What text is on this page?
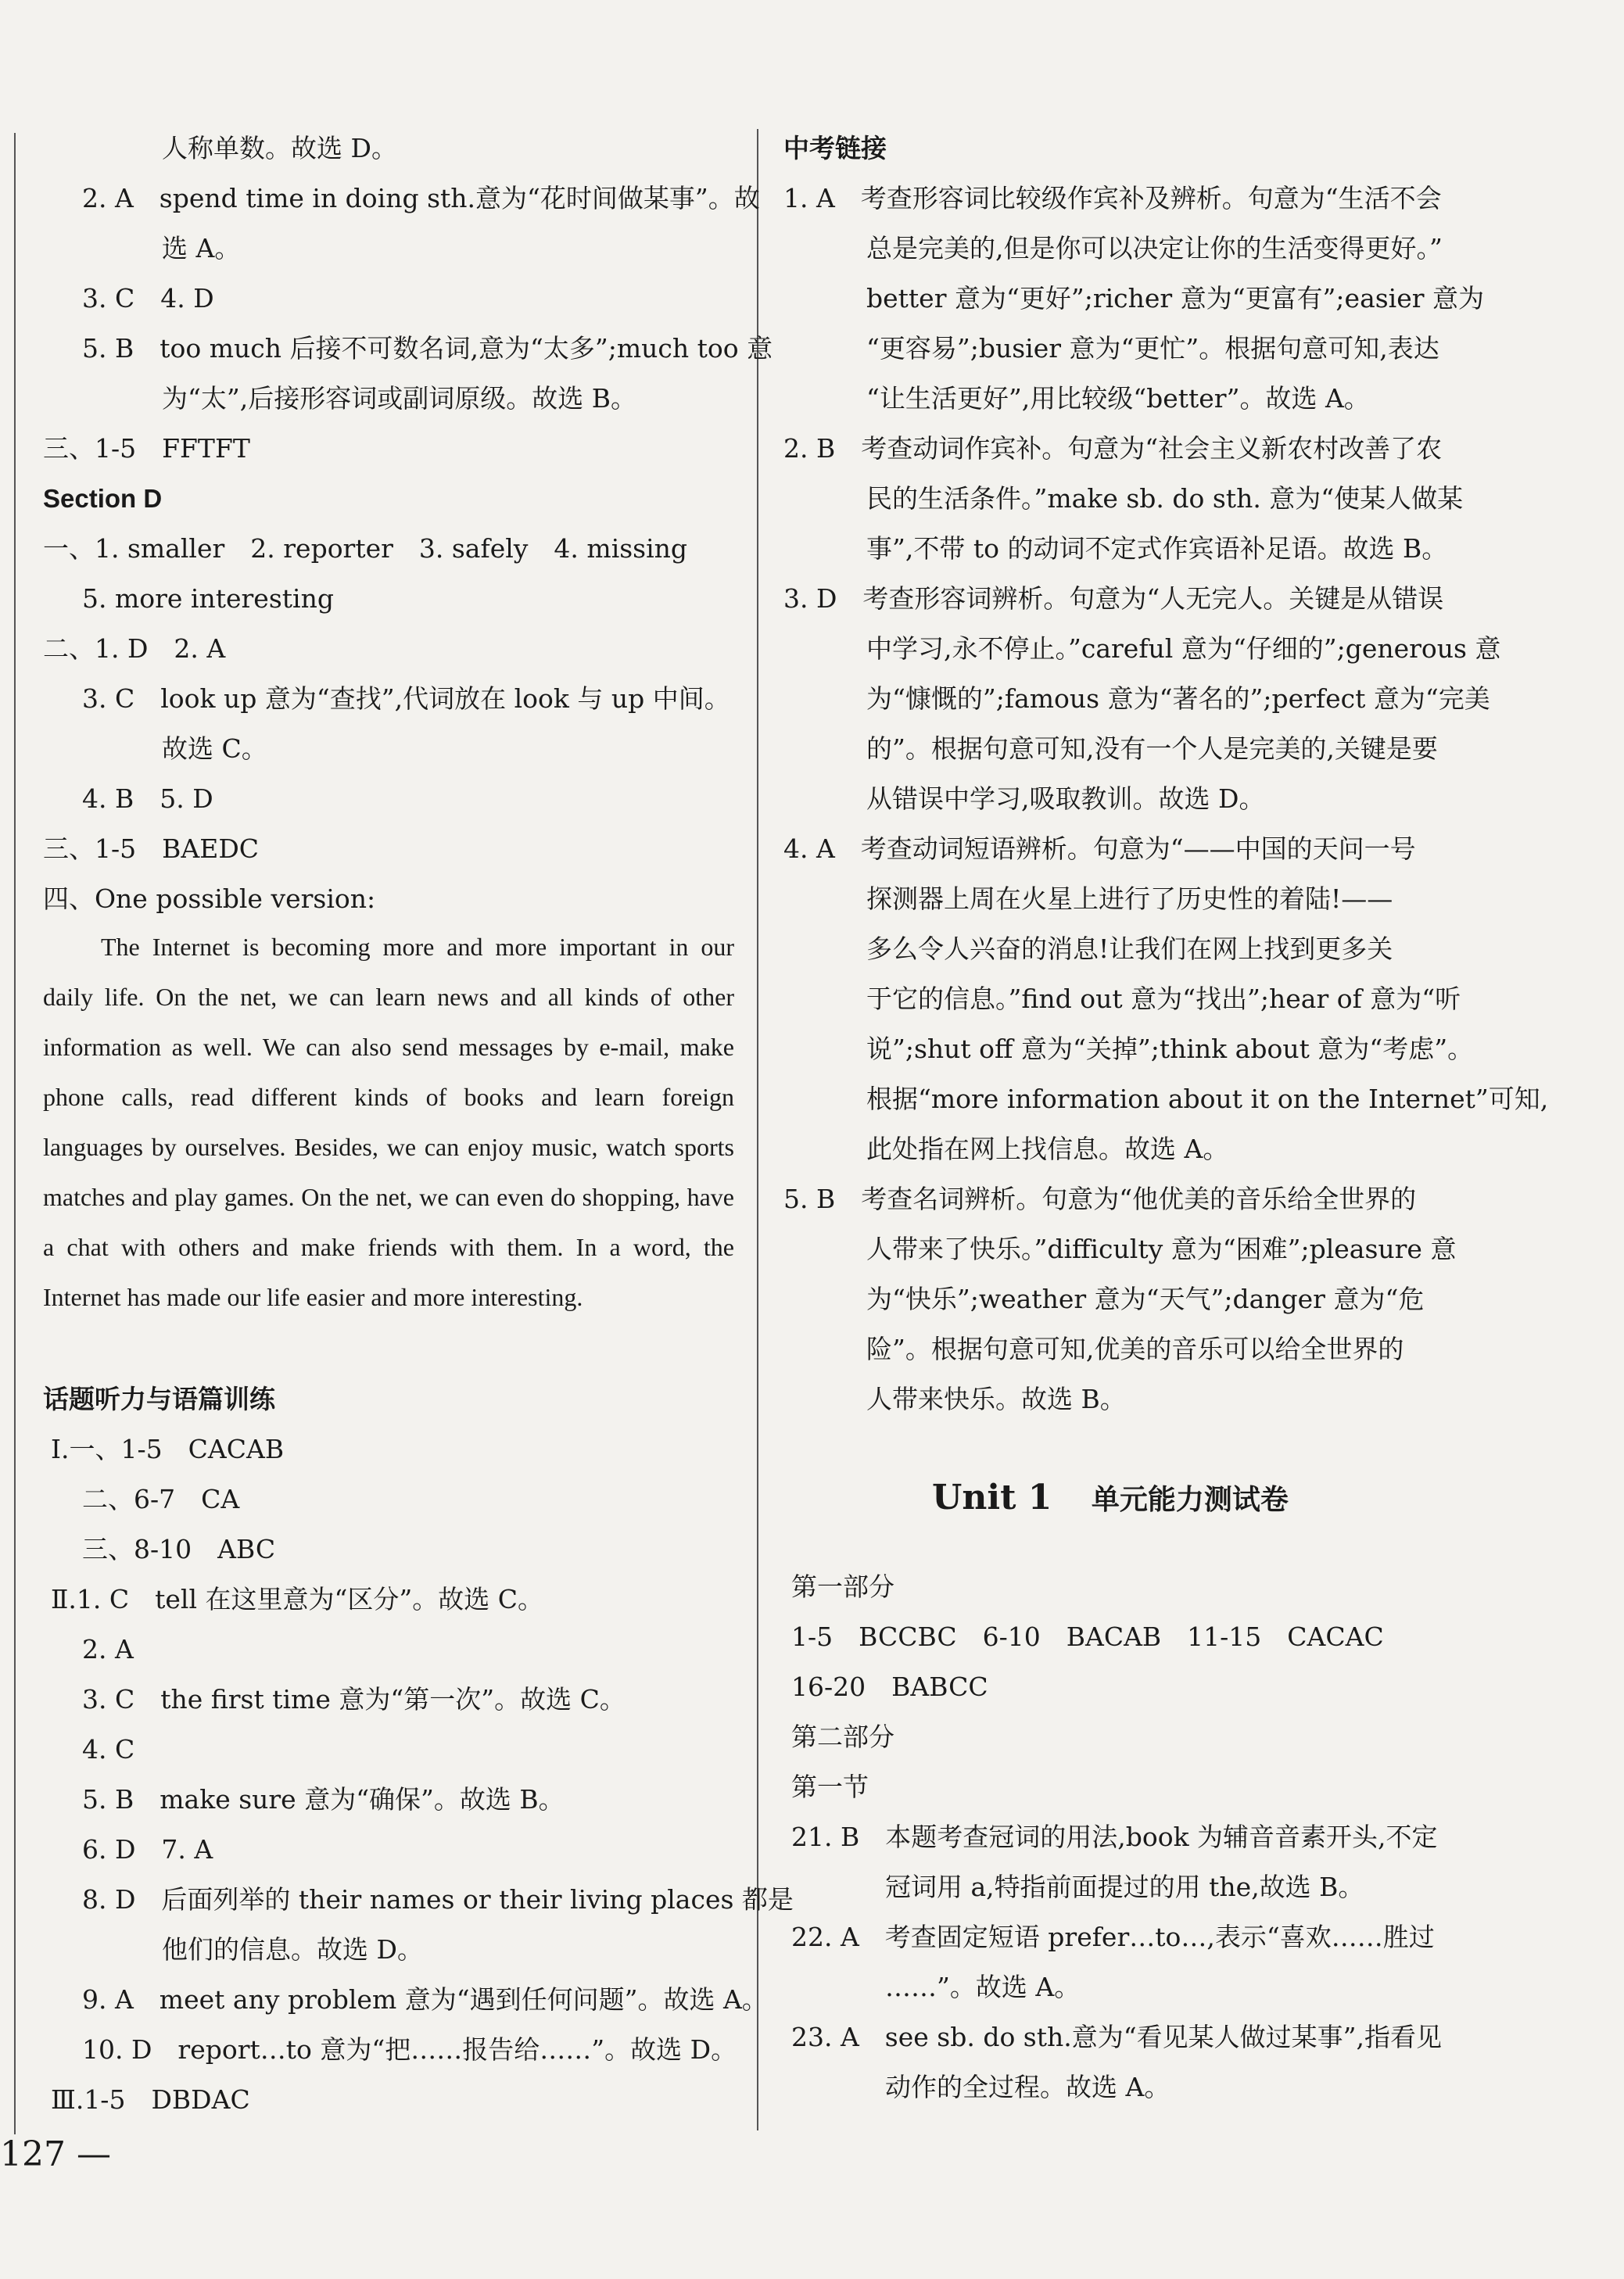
人称单数。故选 D。
2. A　spend time in doing sth.意为“花时间做某事”。故
选 A。
3. C　4. D
5. B　too much 后接不可数名词,意为“太多”;much too 意
为“太”,后接形容词或副词原级。故选 B。
三、1-5　FFTFT
Section D
一、1. smaller　2. reporter　3. safely　4. missing
5. more interesting
二、1. D　2. A
3. C　look up 意为“查找”,代词放在 look 与 up 中间。
故选 C。
4. B　5. D
三、1-5　BAEDC
四、One possible version:
The Internet is becoming more and more important in our daily life. On the net, we can learn news and all kinds of other information as well. We can also send messages by e-mail, make phone calls, read different kinds of books and learn foreign languages by ourselves. Besides, we can enjoy music, watch sports matches and play games. On the net, we can even do shopping, have a chat with others and make friends with them. In a word, the Internet has made our life easier and more interesting.
话题听力与语篇训练
Ⅰ.一、1-5　CACAB
二、6-7　CA
三、8-10　ABC
Ⅱ.1. C　tell 在这里意为“区分”。故选 C。
2. A
3. C　the first time 意为“第一次”。故选 C。
4. C
5. B　make sure 意为“确保”。故选 B。
6. D　7. A
8. D　后面列举的 their names or their living places 都是
他们的信息。故选 D。
9. A　meet any problem 意为“遇到任何问题”。故选 A。
10. D　report…to 意为“把……报告给……”。故选 D。
Ⅲ.1-5　DBDAC
中考链接
1. A　考查形容词比较级作宾补及辨析。句意为“生活不会
总是完美的,但是你可以决定让你的生活变得更好。”
better 意为“更好”;richer 意为“更富有”;easier 意为
“更容易”;busier 意为“更忙”。根据句意可知,表达
“让生活更好”,用比较级“better”。故选 A。
2. B　考查动词作宾补。句意为“社会主义新农村改善了农
民的生活条件。”make sb. do sth. 意为“使某人做某
事”,不带 to 的动词不定式作宾语补足语。故选 B。
3. D　考查形容词辨析。句意为“人无完人。关键是从错误
中学习,永不停止。”careful 意为“仔细的”;generous 意
为“慷慨的”;famous 意为“著名的”;perfect 意为“完美
的”。根据句意可知,没有一个人是完美的,关键是要
从错误中学习,吸取教训。故选 D。
4. A　考查动词短语辨析。句意为“——中国的天问一号
探测器上周在火星上进行了历史性的着陆!——
多么令人兴奋的消息!让我们在网上找到更多关
于它的信息。”find out 意为“找出”;hear of 意为“听
说”;shut off 意为“关掉”;think about 意为“考虑”。
根据“more information about it on the Internet”可知,
此处指在网上找信息。故选 A。
5. B　考查名词辨析。句意为“他优美的音乐给全世界的
人带来了快乐。”difficulty 意为“困难”;pleasure 意
为“快乐”;weather 意为“天气”;danger 意为“危
险”。根据句意可知,优美的音乐可以给全世界的
人带来快乐。故选 B。
Unit 1 单元能力测试卷
第一部分
1-5　BCCBC　6-10　BACAB　11-15　CACAC
16-20　BABCC
第二部分
第一节
21. B　本题考查冠词的用法,book 为辅音音素开头,不定
冠词用 a,特指前面提过的用 the,故选 B。
22. A　考查固定短语 prefer…to…,表示“喜欢……胜过
……”。故选 A。
23. A　see sb. do sth.意为“看见某人做过某事”,指看见
动作的全过程。故选 A。
127 —
